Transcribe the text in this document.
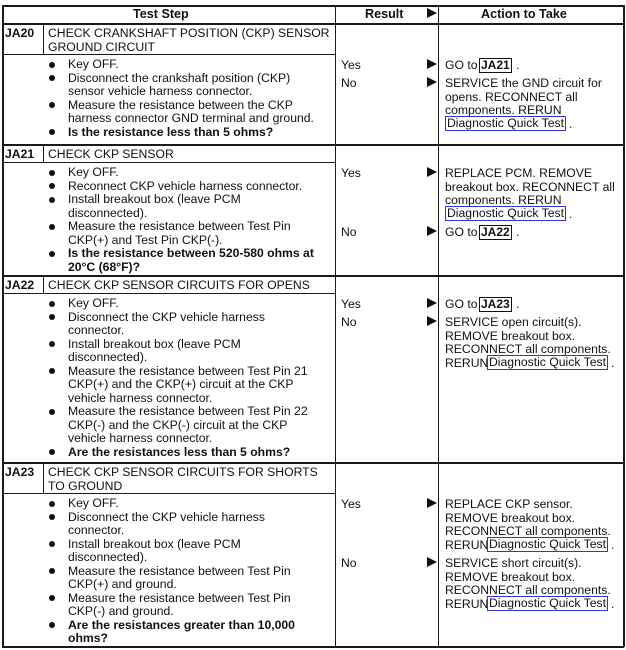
Test Step	Result	Action to Take
JA20 CHECK CRANKSHAFT POSITION (CKP) SENSOR
GROUND CIRCUIT
Key OFF.
Disconnect the crankshaft position (CKP)
sensor vehicle harness connector.
Measure the resistance between the CKP
harness connector GND terminal and ground.
Is the resistance less than 5 ohms?
Yes	GO to JA21 .
No	SERVICE the GND circuit for
opens. RECONNECT all
components. RERUN
Diagnostic Quick Test .
JA21 CHECK CKP SENSOR
Key OFF.
Reconnect CKP vehicle harness connector.
Install breakout box (leave PCM
disconnected).
Measure the resistance between Test Pin
CKP(+) and Test Pin CKP(-).
Is the resistance between 520-580 ohms at
20°C (68°F)?
Yes	REPLACE PCM. REMOVE
breakout box. RECONNECT all
components. RERUN
Diagnostic Quick Test .
No	GO to JA22 .
JA22 CHECK CKP SENSOR CIRCUITS FOR OPENS
Key OFF.
Disconnect the CKP vehicle harness
connector.
Install breakout box (leave PCM
disconnected).
Measure the resistance between Test Pin 21
CKP(+) and the CKP(+) circuit at the CKP
vehicle harness connector.
Measure the resistance between Test Pin 22
CKP(-) and the CKP(-) circuit at the CKP
vehicle harness connector.
Are the resistances less than 5 ohms?
Yes	GO to JA23 .
No	SERVICE open circuit(s).
REMOVE breakout box.
RECONNECT all components.
RERUN Diagnostic Quick Test .
JA23 CHECK CKP SENSOR CIRCUITS FOR SHORTS
TO GROUND
Key OFF.
Disconnect the CKP vehicle harness
connector.
Install breakout box (leave PCM
disconnected).
Measure the resistance between Test Pin
CKP(+) and ground.
Measure the resistance between Test Pin
CKP(-) and ground.
Are the resistances greater than 10,000
ohms?
Yes	REPLACE CKP sensor.
REMOVE breakout box.
RECONNECT all components.
RERUN Diagnostic Quick Test .
No	SERVICE short circuit(s).
REMOVE breakout box.
RECONNECT all components.
RERUN Diagnostic Quick Test .
